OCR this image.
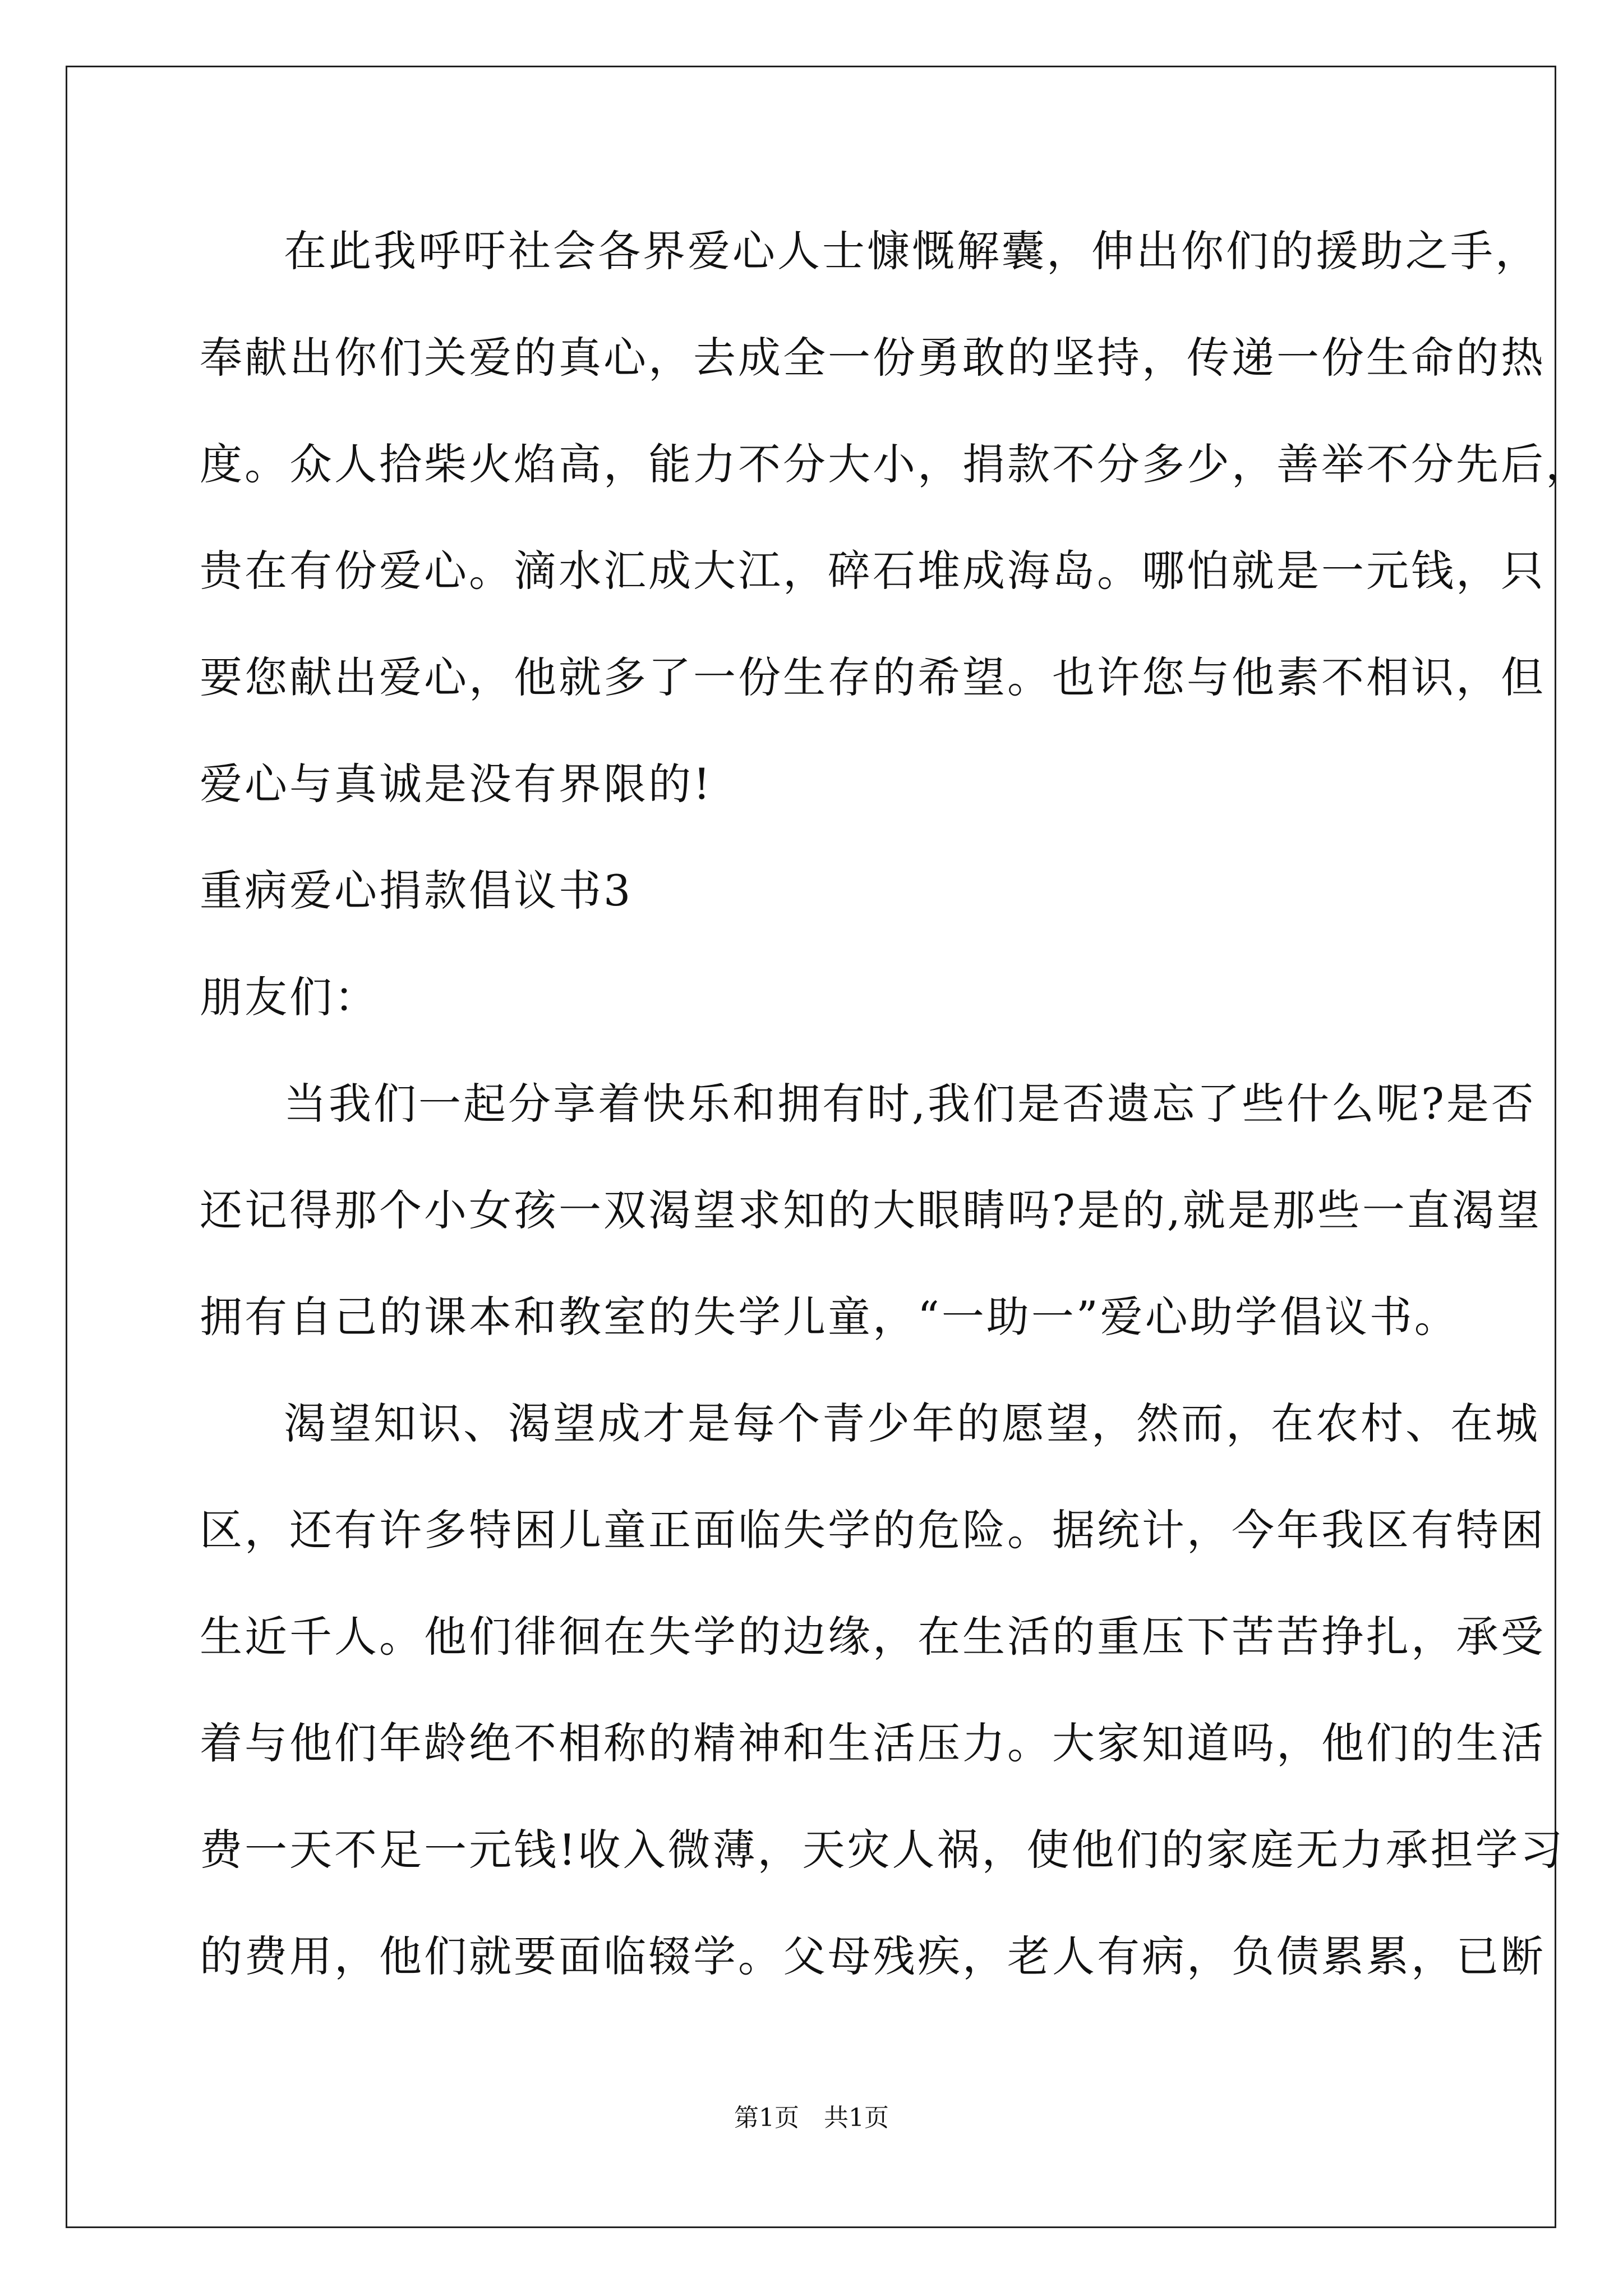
在此我呼吁社会各界爱心人士慷慨解囊，伸出你们的援助之手，
奉献出你们关爱的真心，去成全一份勇敢的坚持，传递一份生命的热
度。众人拾柴火焰高，能力不分大小，捐款不分多少，善举不分先后，
贵在有份爱心。滴水汇成大江，碎石堆成海岛。哪怕就是一元钱，只
要您献出爱心，他就多了一份生存的希望。也许您与他素不相识，但
爱心与真诚是没有界限的!
重病爱心捐款倡议书3
朋友们：
当我们一起分享着快乐和拥有时,我们是否遗忘了些什么呢?是否
还记得那个小女孩一双渴望求知的大眼睛吗?是的,就是那些一直渴望
拥有自己的课本和教室的失学儿童，“一助一”爱心助学倡议书。
渴望知识、渴望成才是每个青少年的愿望，然而，在农村、在城
区，还有许多特困儿童正面临失学的危险。据统计，今年我区有特困
生近千人。他们徘徊在失学的边缘，在生活的重压下苦苦挣扎，承受
着与他们年龄绝不相称的精神和生活压力。大家知道吗，他们的生活
费一天不足一元钱!收入微薄，天灾人祸，使他们的家庭无力承担学习
的费用，他们就要面临辍学。父母残疾，老人有病，负债累累，已断
第1页　共1页
